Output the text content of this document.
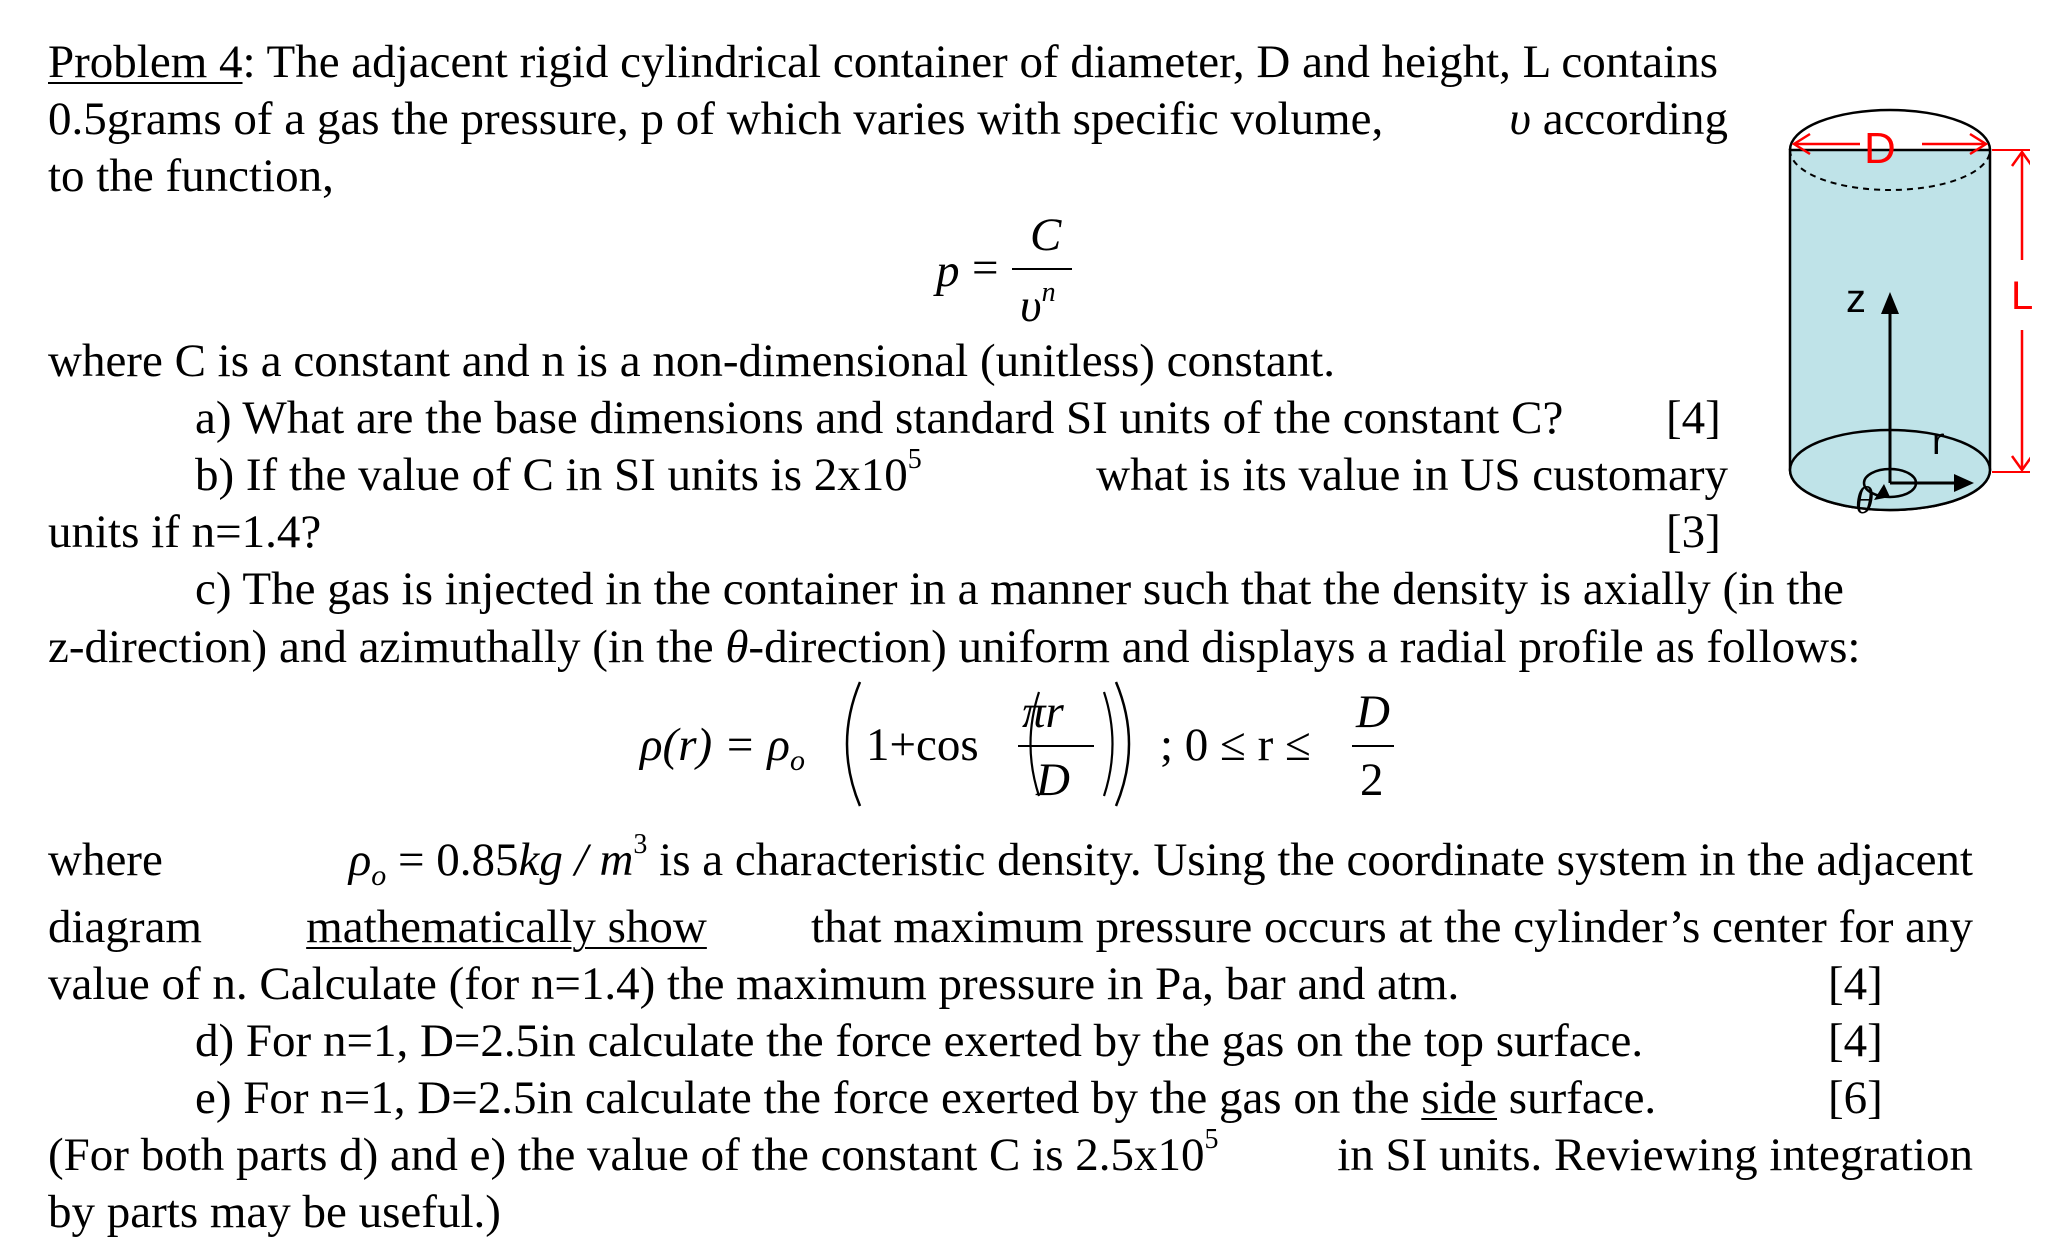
Problem 4: The adjacent rigid cylindrical container of diameter, D and height, L contains
0.5grams of a gas the pressure, p of which varies with specific volume,	υ according
to the function,
p =
C
$\upsilon^n$
where C is a constant and n is a non-dimensional (unitless) constant.
a) What are the base dimensions and standard SI units of the constant C? [4]
b) If the value of C in SI units is $2x10^5$	what is its value in US customary
units if n=1.4?	[3]
c) The gas is injected in the container in a manner such that the density is axially (in the
z-direction) and azimuthally (in the θ-direction) uniform and displays a radial profile as follows:
$\rho(r) = \rho_o$ 1+cos
πr
D
; 0 ≤ r ≤
D
2
where	$\rho_o = 0.85kg / m^3$ is a characteristic density. Using the coordinate system in the adjacent
diagram mathematically show that maximum pressure occurs at the cylinder’s center for any
value of n. Calculate (for n=1.4) the maximum pressure in Pa, bar and atm.	[4]
d) For n=1, D=2.5in calculate the force exerted by the gas on the top surface.	[4]
e) For n=1, D=2.5in calculate the force exerted by the gas on the side surface.	[6]
(For both parts d) and e) the value of the constant C is $2.5x10^5$	in SI units. Reviewing integration
by parts may be useful.)
D
L
z
r
θ
